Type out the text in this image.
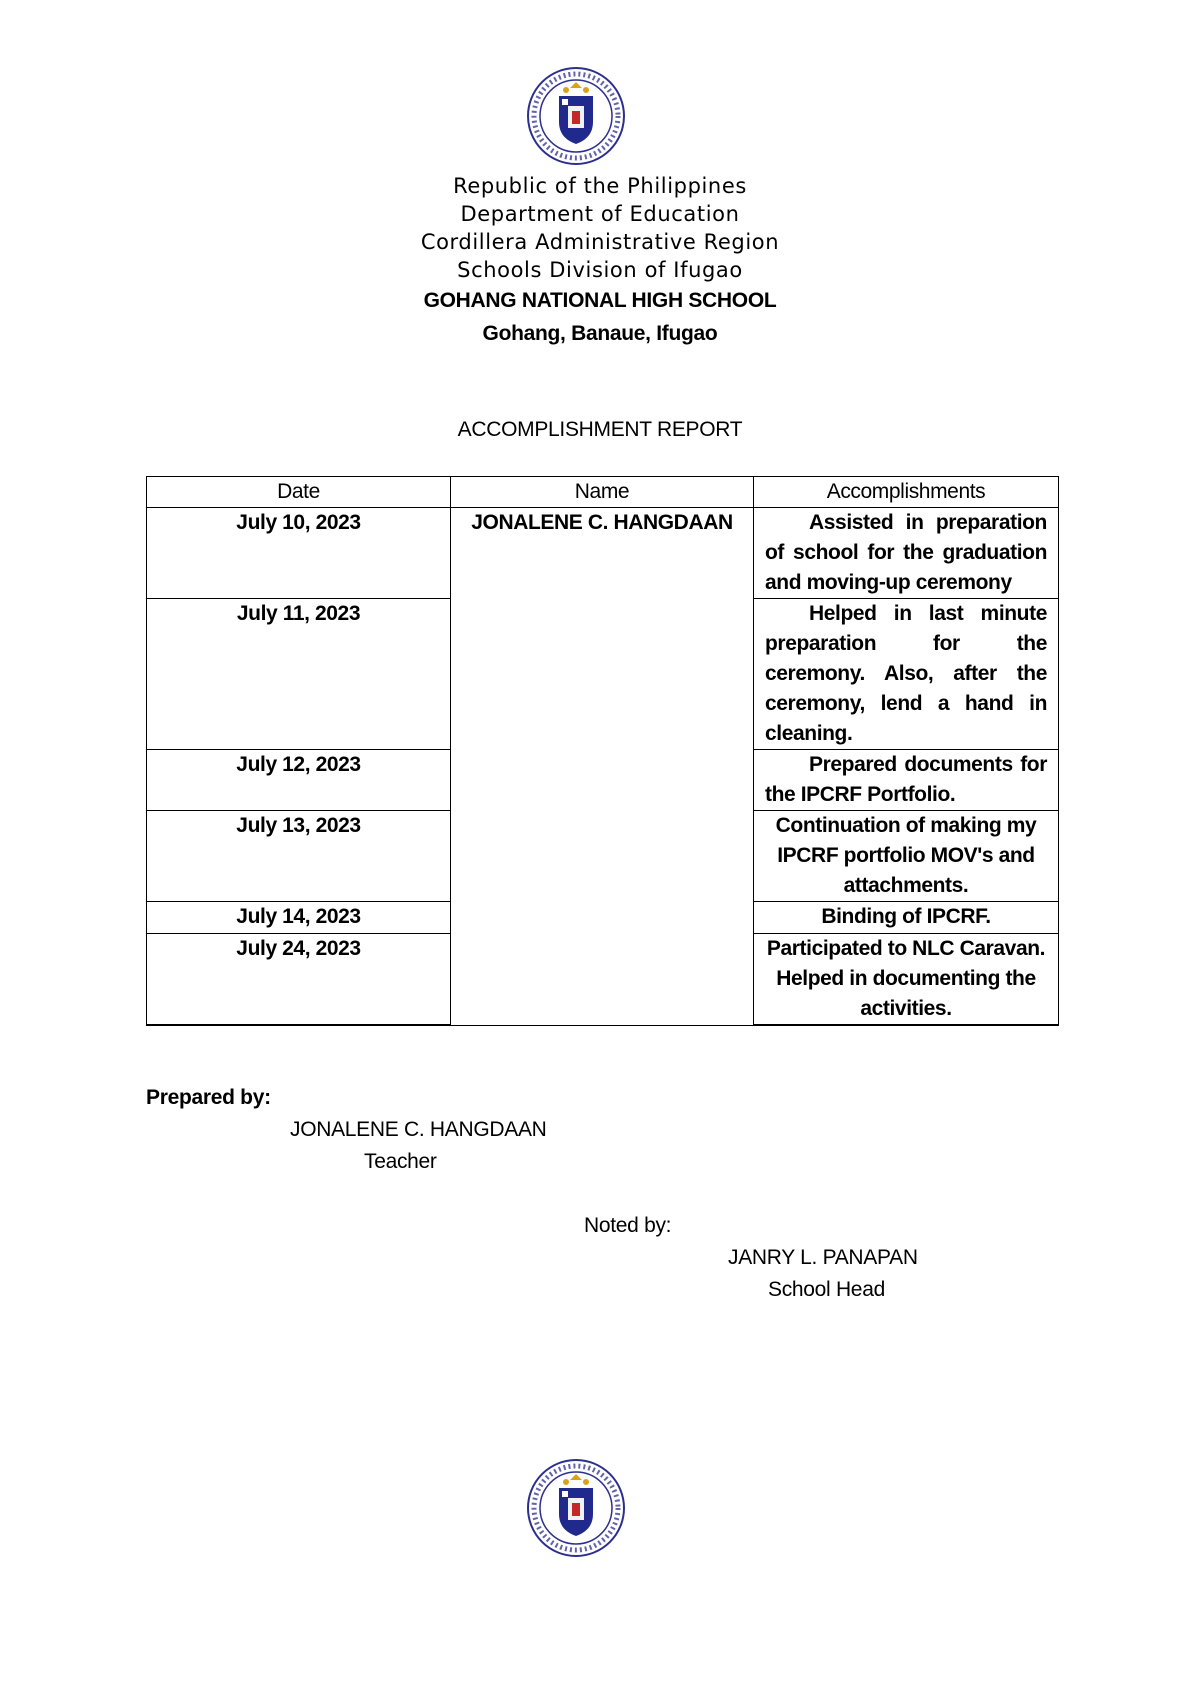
Republic of the Philippines
Department of Education
Cordillera Administrative Region
Schools Division of Ifugao
GOHANG NATIONAL HIGH SCHOOL
Gohang, Banaue, Ifugao
ACCOMPLISHMENT REPORT
Date	Name	Accomplishments
July 10, 2023	JONALENE C. HANGDAAN	Assisted in preparation of school for the graduation and moving-up ceremony
July 11, 2023		Helped in last minute preparation for the ceremony. Also, after the ceremony, lend a hand in cleaning.
July 12, 2023		Prepared documents for the IPCRF Portfolio.
July 13, 2023		Continuation of making my IPCRF portfolio MOV's and attachments.
July 14, 2023		Binding of IPCRF.
July 24, 2023		Participated to NLC Caravan. Helped in documenting the activities.
Prepared by:
JONALENE C. HANGDAAN
Teacher
Noted by:
JANRY L. PANAPAN
School Head
